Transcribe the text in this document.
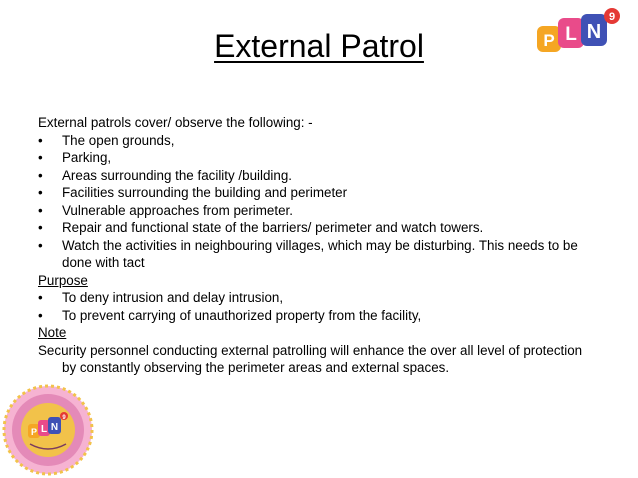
External Patrol	P L N
9

External patrols cover/ observe the following: -

•	The open grounds,
•	Parking,
•	Areas surrounding the facility /building.
•	Facilities surrounding the building and perimeter
•	Vulnerable approaches from perimeter.
•	Repair and functional state of the barriers/ perimeter and watch towers.
•	Watch the activities in neighbouring villages, which may be disturbing. This needs to be done with tact

Purpose

•	To deny intrusion and delay intrusion,
•	To prevent carrying of unauthorized property from the facility,

Note

Security personnel conducting external patrolling will enhance the over all level of protection by constantly observing the perimeter areas and external spaces.

P L N
9
